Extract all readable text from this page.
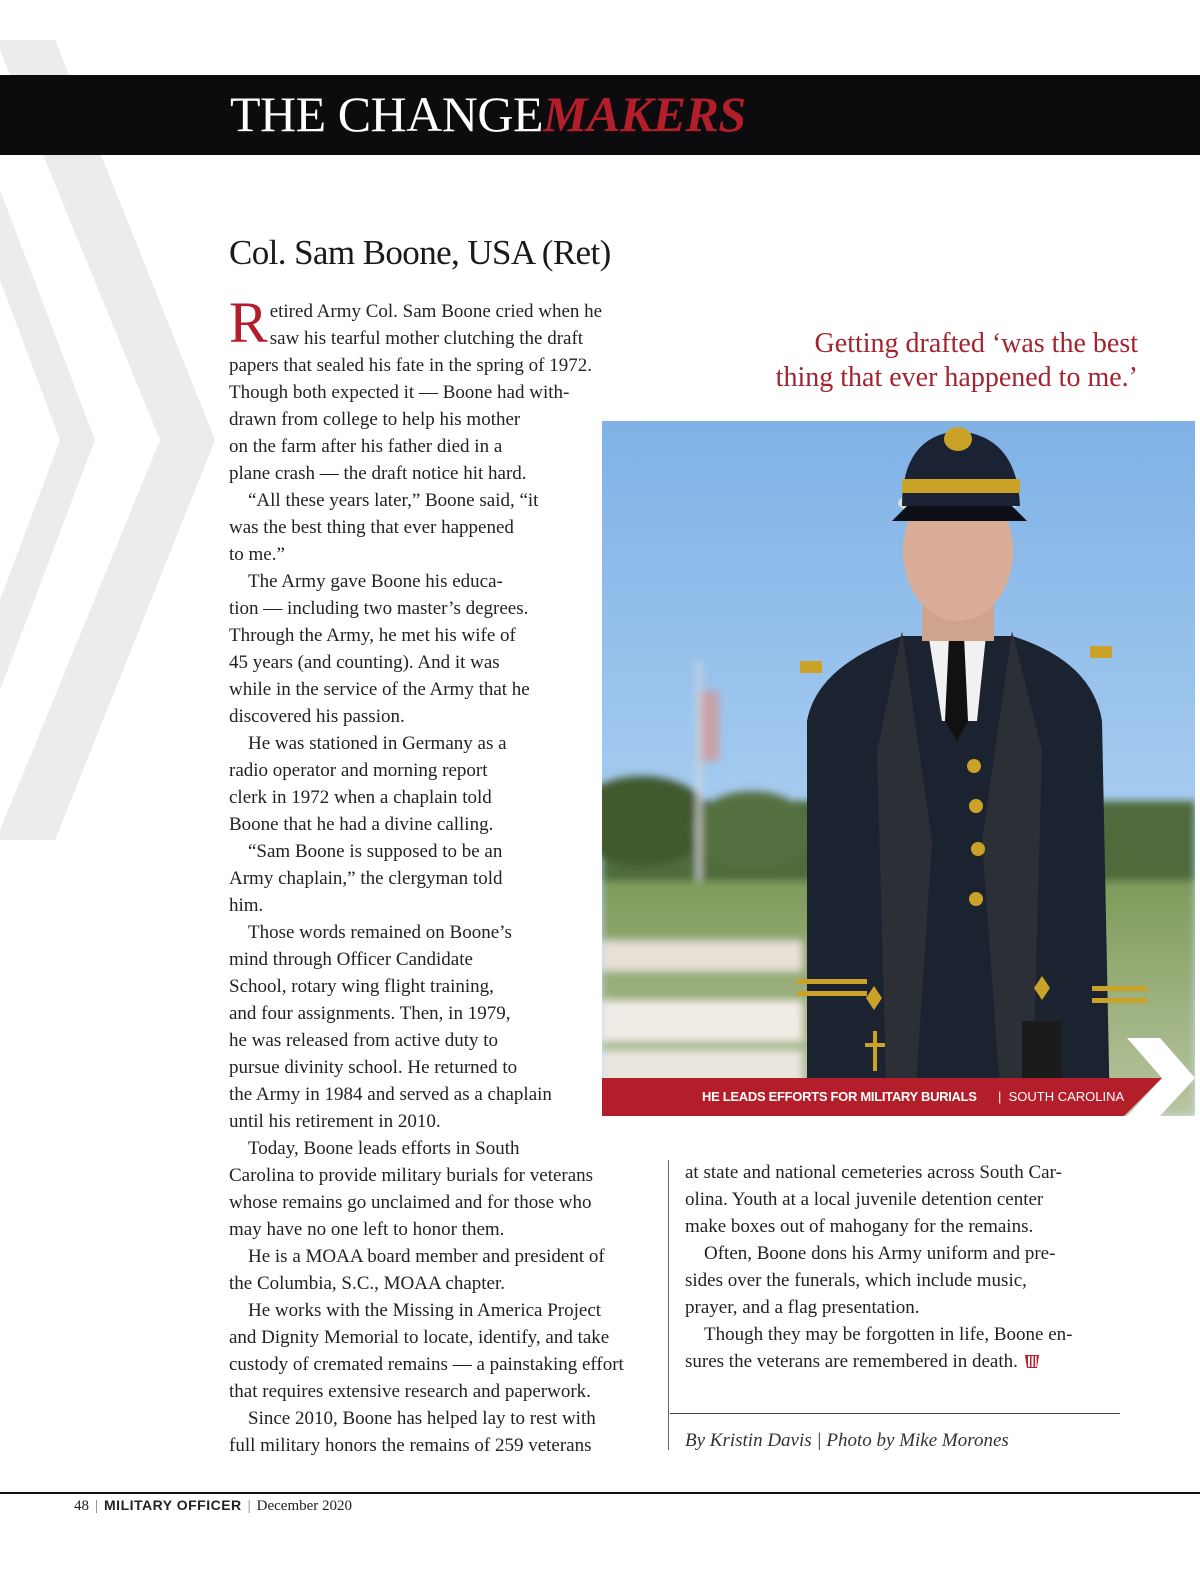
THE CHANGEMAKERS
Col. Sam Boone, USA (Ret)
R etired Army Col. Sam Boone cried when he

saw his tearful mother clutching the draft

papers that sealed his fate in the spring of 1972.

Though both expected it — Boone had with-

drawn from college to help his mother

on the farm after his father died in a

plane crash — the draft notice hit hard.

“All these years later,” Boone said, “it

was the best thing that ever happened

to me.”

The Army gave Boone his educa-

tion — including two master’s degrees.

Through the Army, he met his wife of

45 years (and counting). And it was

while in the service of the Army that he

discovered his passion.

He was stationed in Germany as a

radio operator and morning report

clerk in 1972 when a chaplain told

Boone that he had a divine calling.

“Sam Boone is supposed to be an

Army chaplain,” the clergyman told

him.

Those words remained on Boone’s

mind through Officer Candidate

School, rotary wing flight training,

and four assignments. Then, in 1979,

he was released from active duty to

pursue divinity school. He returned to

the Army in 1984 and served as a chaplain

until his retirement in 2010.

Today, Boone leads efforts in South

Carolina to provide military burials for veterans

whose remains go unclaimed and for those who

may have no one left to honor them.

He is a MOAA board member and president of

the Columbia, S.C., MOAA chapter.

He works with the Missing in America Project

and Dignity Memorial to locate, identify, and take

custody of cremated remains — a painstaking effort

that requires extensive research and paperwork.

Since 2010, Boone has helped lay to rest with

full military honors the remains of 259 veterans

Getting drafted ‘was the best
thing that ever happened to me.’
HE LEADS EFFORTS FOR MILITARY BURIALS | SOUTH CAROLINA

at state and national cemeteries across South Car-

olina. Youth at a local juvenile detention center

make boxes out of mahogany for the remains.

Often, Boone dons his Army uniform and pre-

sides over the funerals, which include music,

prayer, and a flag presentation.

Though they may be forgotten in life, Boone en-

sures the veterans are remembered in death.

By Kristin Davis | Photo by Mike Morones
48 | MILITARY OFFICER | December 2020
